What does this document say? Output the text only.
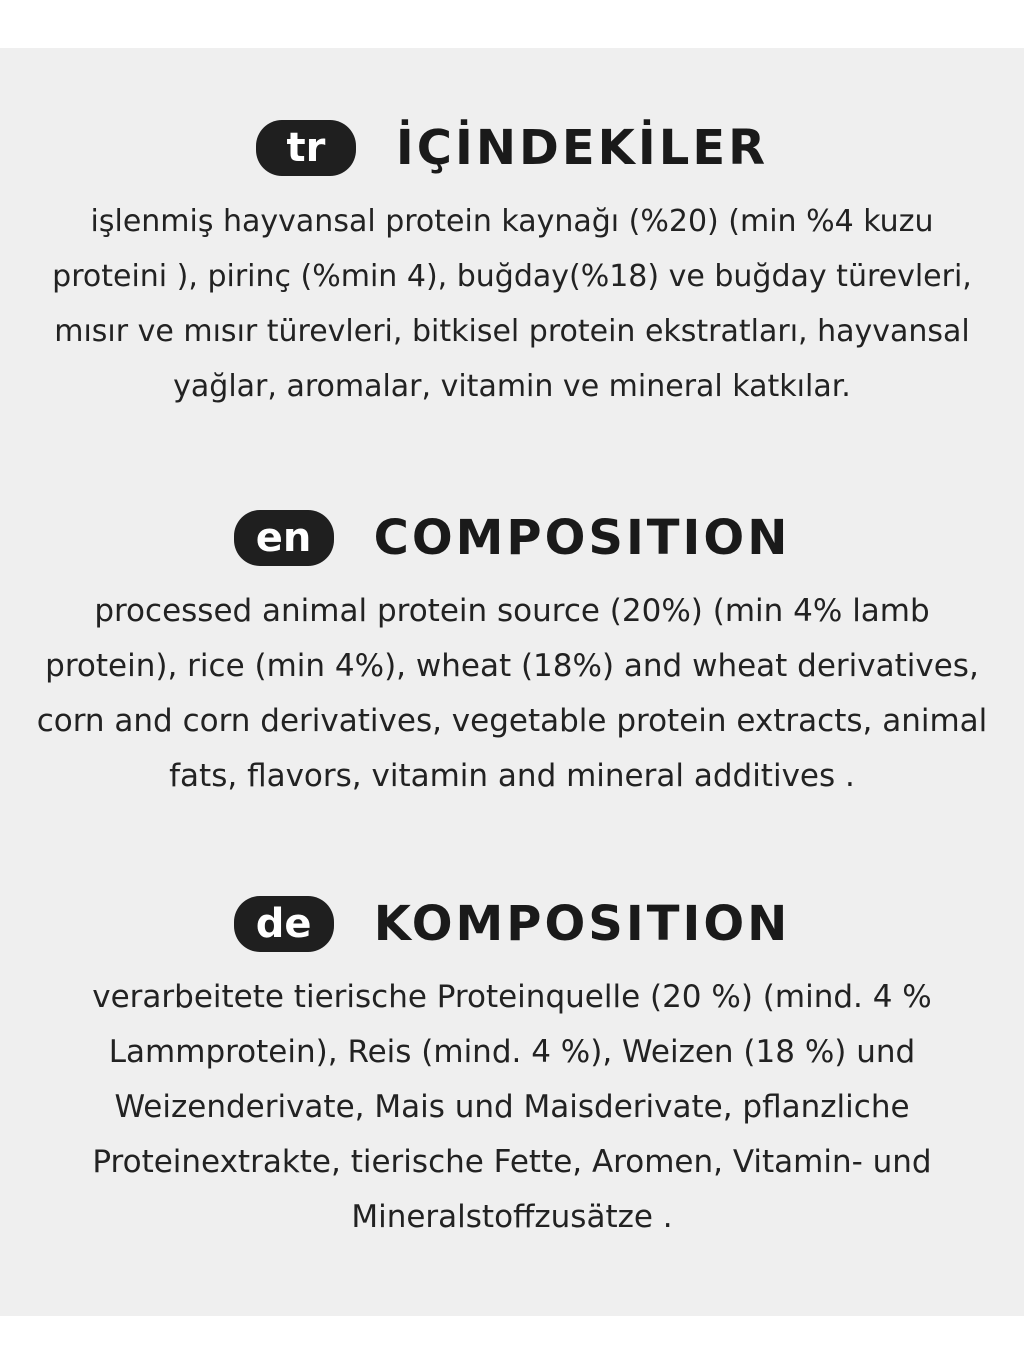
tr	İÇİNDEKİLER
işlenmiş hayvansal protein kaynağı (%20) (min %4 kuzu proteini ), pirinç (%min 4), buğday(%18) ve buğday türevleri, mısır ve mısır türevleri, bitkisel protein ekstratları, hayvansal yağlar, aromalar, vitamin ve mineral katkılar.
en	COMPOSITION
processed animal protein source (20%) (min 4% lamb protein), rice (min 4%), wheat (18%) and wheat derivatives, corn and corn derivatives, vegetable protein extracts, animal fats, flavors, vitamin and mineral additives .
de	KOMPOSITION
verarbeitete tierische Proteinquelle (20 %) (mind. 4 % Lammprotein), Reis (mind. 4 %), Weizen (18 %) und Weizenderivate, Mais und Maisderivate, pflanzliche Proteinextrakte, tierische Fette, Aromen, Vitamin- und Mineralstoffzusätze .
